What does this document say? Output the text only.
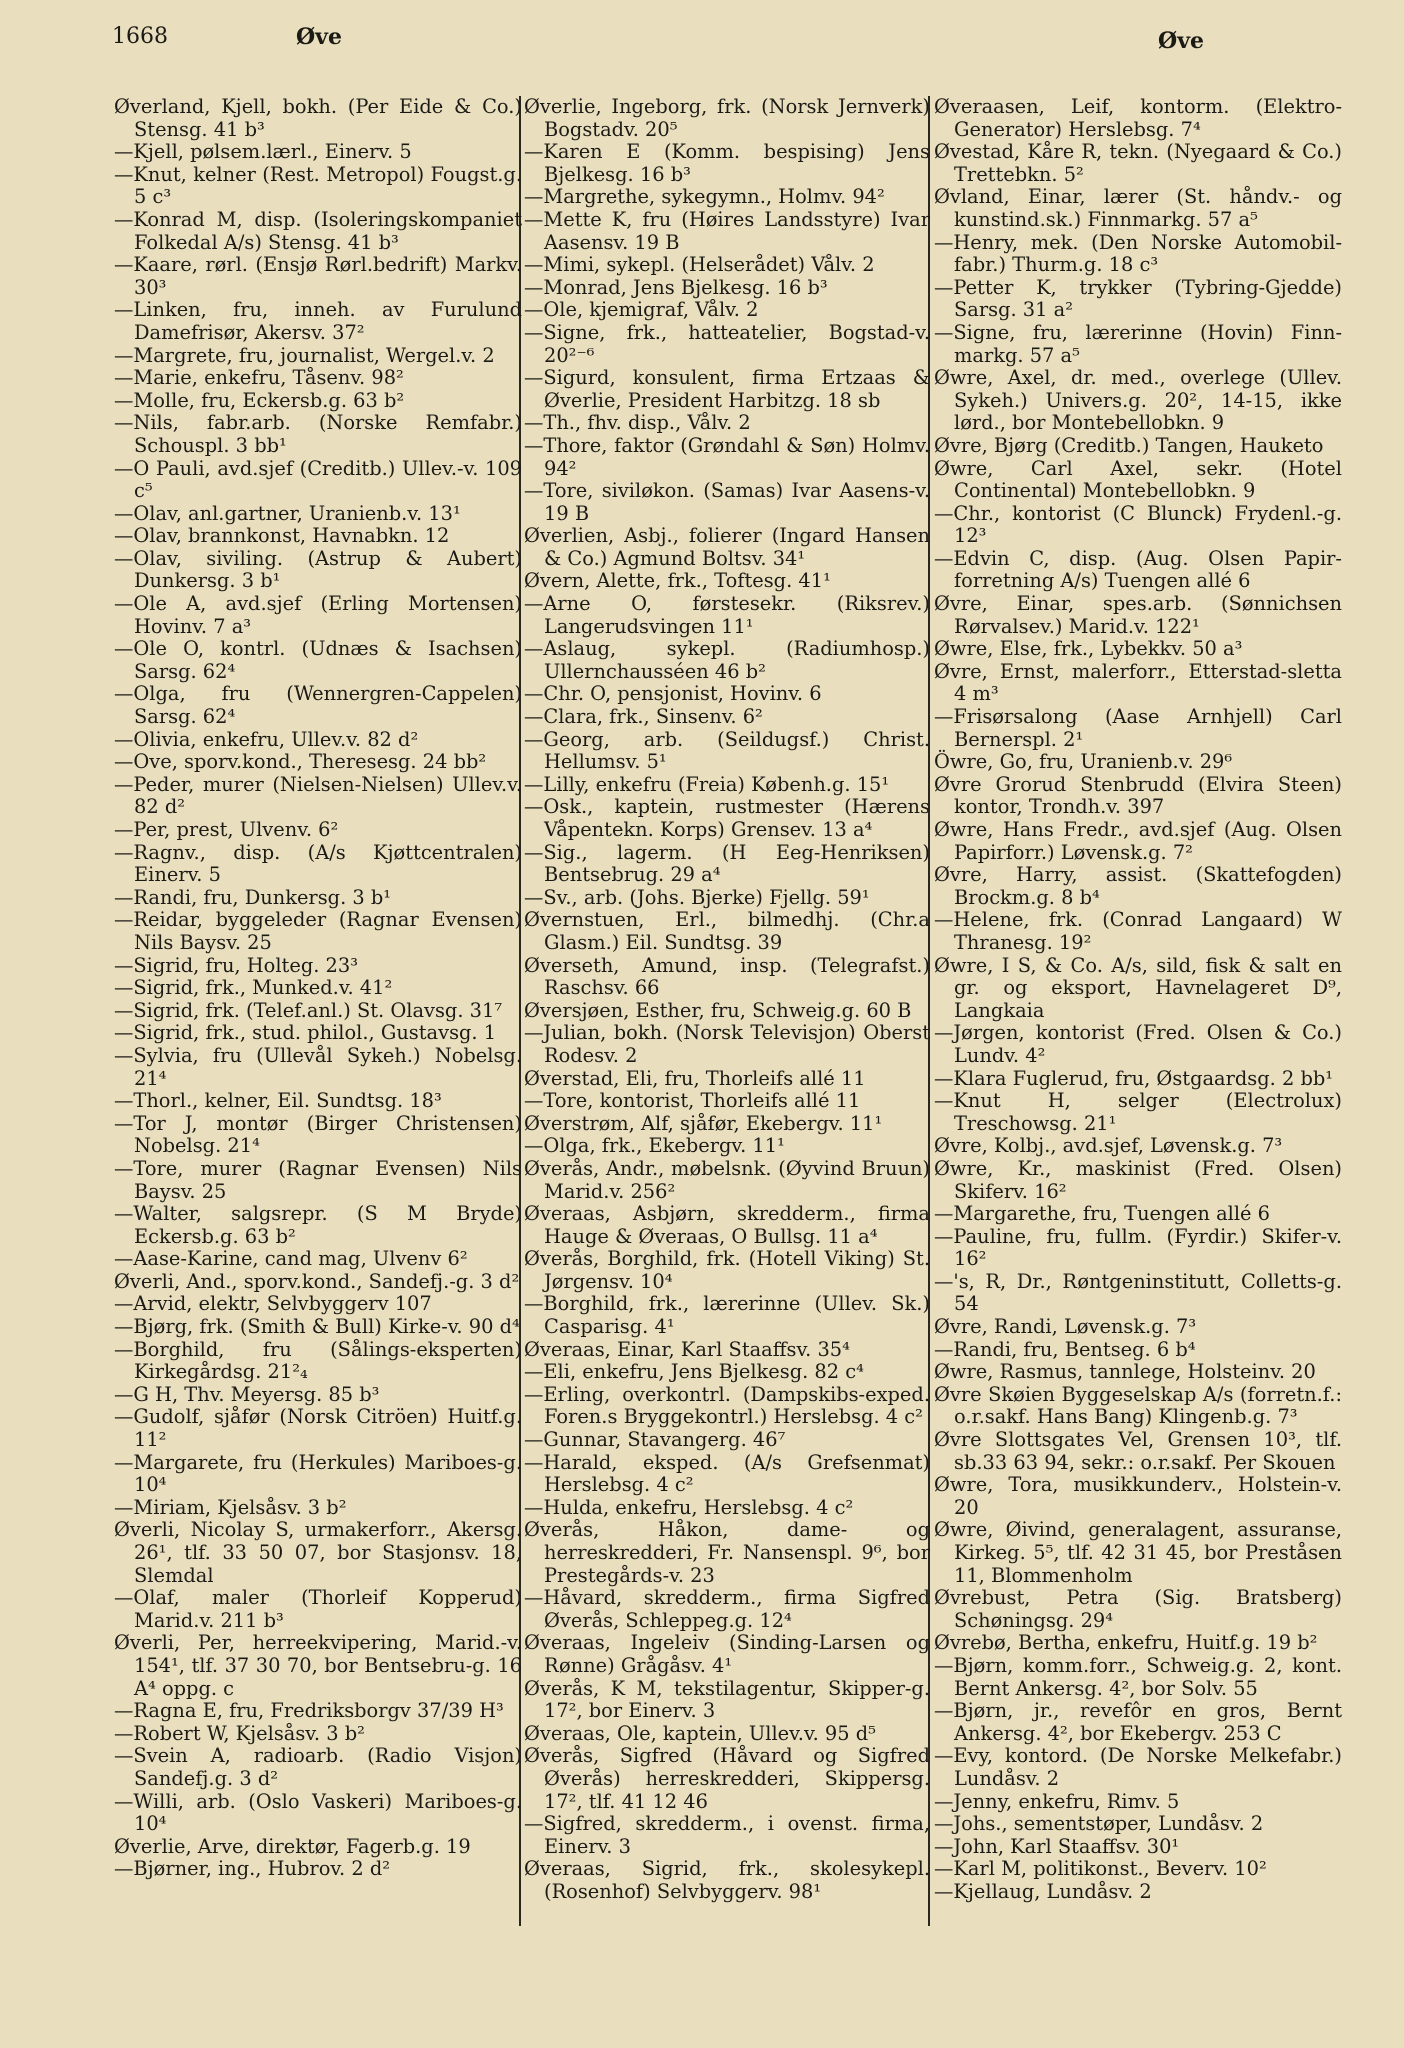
1668	Øve	Øve

Øverland, Kjell, bokh. (Per Eide & Co.) Stensg. 41 b³

—Kjell, pølsem.lærl., Einerv. 5

—Knut, kelner (Rest. Metropol) Fougst.g. 5 c³

—Konrad M, disp. (Isoleringskompaniet Folkedal A/s) Stensg. 41 b³

—Kaare, rørl. (Ensjø Rørl.bedrift) Markv. 30³

—Linken, fru, inneh. av Furulund Damefrisør, Akersv. 37²

—Margrete, fru, journalist, Wergel.v. 2

—Marie, enkefru, Tåsenv. 98²

—Molle, fru, Eckersb.g. 63 b²

—Nils, fabr.arb. (Norske Remfabr.) Schouspl. 3 bb¹

—O Pauli, avd.sjef (Creditb.) Ullev.-v. 109 c⁵

—Olav, anl.gartner, Uranienb.v. 13¹

—Olav, brannkonst, Havnabkn. 12

—Olav, siviling. (Astrup & Aubert) Dunkersg. 3 b¹

—Ole A, avd.sjef (Erling Mortensen) Hovinv. 7 a³

—Ole O, kontrl. (Udnæs & Isachsen) Sarsg. 62⁴

—Olga, fru (Wennergren-Cappelen) Sarsg. 62⁴

—Olivia, enkefru, Ullev.v. 82 d²

—Ove, sporv.kond., Theresesg. 24 bb²

—Peder, murer (Nielsen-Nielsen) Ullev.v. 82 d²

—Per, prest, Ulvenv. 6²

—Ragnv., disp. (A/s Kjøttcentralen) Einerv. 5

—Randi, fru, Dunkersg. 3 b¹

—Reidar, byggeleder (Ragnar Evensen) Nils Baysv. 25

—Sigrid, fru, Holteg. 23³

—Sigrid, frk., Munked.v. 41²

—Sigrid, frk. (Telef.anl.) St. Olavsg. 31⁷

—Sigrid, frk., stud. philol., Gustavsg. 1

—Sylvia, fru (Ullevål Sykeh.) Nobelsg. 21⁴

—Thorl., kelner, Eil. Sundtsg. 18³

—Tor J, montør (Birger Christensen) Nobelsg. 21⁴

—Tore, murer (Ragnar Evensen) Nils Baysv. 25

—Walter, salgsrepr. (S M Bryde) Eckersb.g. 63 b²

—Aase-Karine, cand mag, Ulvenv 6²

Øverli, And., sporv.kond., Sandefj.-g. 3 d²

—Arvid, elektr, Selvbyggerv 107

—Bjørg, frk. (Smith & Bull) Kirke-v. 90 d⁴

—Borghild, fru (Sålings-eksperten) Kirkegårdsg. 21²₄

—G H, Thv. Meyersg. 85 b³

—Gudolf, sjåfør (Norsk Citröen) Huitf.g. 11²

—Margarete, fru (Herkules) Mariboes-g. 10⁴

—Miriam, Kjelsåsv. 3 b²

Øverli, Nicolay S, urmakerforr., Akersg. 26¹, tlf. 33 50 07, bor Stasjonsv. 18, Slemdal

—Olaf, maler (Thorleif Kopperud) Marid.v. 211 b³

Øverli, Per, herreekvipering, Marid.-v. 154¹, tlf. 37 30 70, bor Bentsebru-g. 16 A⁴ oppg. c

—Ragna E, fru, Fredriksborgv 37/39 H³

—Robert W, Kjelsåsv. 3 b²

—Svein A, radioarb. (Radio Visjon) Sandefj.g. 3 d²

—Willi, arb. (Oslo Vaskeri) Mariboes-g. 10⁴

Øverlie, Arve, direktør, Fagerb.g. 19

—Bjørner, ing., Hubrov. 2 d²

Øverlie, Ingeborg, frk. (Norsk Jernverk) Bogstadv. 20⁵

—Karen E (Komm. bespising) Jens Bjelkesg. 16 b³

—Margrethe, sykegymn., Holmv. 94²

—Mette K, fru (Høires Landsstyre) Ivar Aasensv. 19 B

—Mimi, sykepl. (Helserådet) Vålv. 2

—Monrad, Jens Bjelkesg. 16 b³

—Ole, kjemigraf, Vålv. 2

—Signe, frk., hatteatelier, Bogstad-v. 20²⁻⁶

—Sigurd, konsulent, firma Ertzaas & Øverlie, President Harbitzg. 18 sb

—Th., fhv. disp., Vålv. 2

—Thore, faktor (Grøndahl & Søn) Holmv. 94²

—Tore, siviløkon. (Samas) Ivar Aasens-v. 19 B

Øverlien, Asbj., folierer (Ingard Hansen & Co.) Agmund Boltsv. 34¹

Øvern, Alette, frk., Toftesg. 41¹

—Arne O, førstesekr. (Riksrev.) Langerudsvingen 11¹

—Aslaug, sykepl. (Radiumhosp.) Ullernchausséen 46 b²

—Chr. O, pensjonist, Hovinv. 6

—Clara, frk., Sinsenv. 6²

—Georg, arb. (Seildugsf.) Christ. Hellumsv. 5¹

—Lilly, enkefru (Freia) Københ.g. 15¹

—Osk., kaptein, rustmester (Hærens Våpentekn. Korps) Grensev. 13 a⁴

—Sig., lagerm. (H Eeg-Henriksen) Bentsebrug. 29 a⁴

—Sv., arb. (Johs. Bjerke) Fjellg. 59¹

Øvernstuen, Erl., bilmedhj. (Chr.a Glasm.) Eil. Sundtsg. 39

Øverseth, Amund, insp. (Telegrafst.) Raschsv. 66

Øversjøen, Esther, fru, Schweig.g. 60 B

—Julian, bokh. (Norsk Televisjon) Oberst Rodesv. 2

Øverstad, Eli, fru, Thorleifs allé 11

—Tore, kontorist, Thorleifs allé 11

Øverstrøm, Alf, sjåfør, Ekebergv. 11¹

—Olga, frk., Ekebergv. 11¹

Øverås, Andr., møbelsnk. (Øyvind Bruun) Marid.v. 256²

Øveraas, Asbjørn, skredderm., firma Hauge & Øveraas, O Bullsg. 11 a⁴

Øverås, Borghild, frk. (Hotell Viking) St. Jørgensv. 10⁴

—Borghild, frk., lærerinne (Ullev. Sk.) Casparisg. 4¹

Øveraas, Einar, Karl Staaffsv. 35⁴

—Eli, enkefru, Jens Bjelkesg. 82 c⁴

—Erling, overkontrl. (Dampskibs-exped. Foren.s Bryggekontrl.) Herslebsg. 4 c²

—Gunnar, Stavangerg. 46⁷

—Harald, eksped. (A/s Grefsenmat) Herslebsg. 4 c²

—Hulda, enkefru, Herslebsg. 4 c²

Øverås, Håkon, dame- og herreskredderi, Fr. Nansenspl. 9⁶, bor Prestegårds-v. 23

—Håvard, skredderm., firma Sigfred Øverås, Schleppeg.g. 12⁴

Øveraas, Ingeleiv (Sinding-Larsen og Rønne) Grågåsv. 4¹

Øverås, K M, tekstilagentur, Skipper-g. 17², bor Einerv. 3

Øveraas, Ole, kaptein, Ullev.v. 95 d⁵

Øverås, Sigfred (Håvard og Sigfred Øverås) herreskredderi, Skippersg. 17², tlf. 41 12 46

—Sigfred, skredderm., i ovenst. firma, Einerv. 3

Øveraas, Sigrid, frk., skolesykepl. (Rosenhof) Selvbyggerv. 98¹

Øveraasen, Leif, kontorm. (Elektro-Generator) Herslebsg. 7⁴

Øvestad, Kåre R, tekn. (Nyegaard & Co.) Trettebkn. 5²

Øvland, Einar, lærer (St. håndv.- og kunstind.sk.) Finnmarkg. 57 a⁵

—Henry, mek. (Den Norske Automobil-fabr.) Thurm.g. 18 c³

—Petter K, trykker (Tybring-Gjedde) Sarsg. 31 a²

—Signe, fru, lærerinne (Hovin) Finn-markg. 57 a⁵

Øwre, Axel, dr. med., overlege (Ullev. Sykeh.) Univers.g. 20², 14-15, ikke lørd., bor Montebellobkn. 9

Øvre, Bjørg (Creditb.) Tangen, Hauketo

Øwre, Carl Axel, sekr. (Hotel Continental) Montebellobkn. 9

—Chr., kontorist (C Blunck) Frydenl.-g. 12³

—Edvin C, disp. (Aug. Olsen Papir-forretning A/s) Tuengen allé 6

Øvre, Einar, spes.arb. (Sønnichsen Rørvalsev.) Marid.v. 122¹

Øwre, Else, frk., Lybekkv. 50 a³

Øvre, Ernst, malerforr., Etterstad-sletta 4 m³

—Frisørsalong (Aase Arnhjell) Carl Bernerspl. 2¹

Öwre, Go, fru, Uranienb.v. 29⁶

Øvre Grorud Stenbrudd (Elvira Steen) kontor, Trondh.v. 397

Øwre, Hans Fredr., avd.sjef (Aug. Olsen Papirforr.) Løvensk.g. 7²

Øvre, Harry, assist. (Skattefogden) Brockm.g. 8 b⁴

—Helene, frk. (Conrad Langaard) W Thranesg. 19²

Øwre, I S, & Co. A/s, sild, fisk & salt en gr. og eksport, Havnelageret D⁹, Langkaia

—Jørgen, kontorist (Fred. Olsen & Co.) Lundv. 4²

—Klara Fuglerud, fru, Østgaardsg. 2 bb¹

—Knut H, selger (Electrolux) Treschowsg. 21¹

Øvre, Kolbj., avd.sjef, Løvensk.g. 7³

Øwre, Kr., maskinist (Fred. Olsen) Skiferv. 16²

—Margarethe, fru, Tuengen allé 6

—Pauline, fru, fullm. (Fyrdir.) Skifer-v. 16²

—'s, R, Dr., Røntgeninstitutt, Colletts-g. 54

Øvre, Randi, Løvensk.g. 7³

—Randi, fru, Bentseg. 6 b⁴

Øwre, Rasmus, tannlege, Holsteinv. 20

Øvre Skøien Byggeselskap A/s (forretn.f.: o.r.sakf. Hans Bang) Klingenb.g. 7³

Øvre Slottsgates Vel, Grensen 10³, tlf. sb.33 63 94, sekr.: o.r.sakf. Per Skouen

Øwre, Tora, musikkunderv., Holstein-v. 20

Øwre, Øivind, generalagent, assuranse, Kirkeg. 5⁵, tlf. 42 31 45, bor Preståsen 11, Blommenholm

Øvrebust, Petra (Sig. Bratsberg) Schøningsg. 29⁴

Øvrebø, Bertha, enkefru, Huitf.g. 19 b²

—Bjørn, komm.forr., Schweig.g. 2, kont. Bernt Ankersg. 4², bor Solv. 55

—Bjørn, jr., revefôr en gros, Bernt Ankersg. 4², bor Ekebergv. 253 C

—Evy, kontord. (De Norske Melkefabr.) Lundåsv. 2

—Jenny, enkefru, Rimv. 5

—Johs., sementstøper, Lundåsv. 2

—John, Karl Staaffsv. 30¹

—Karl M, politikonst., Beverv. 10²

—Kjellaug, Lundåsv. 2
